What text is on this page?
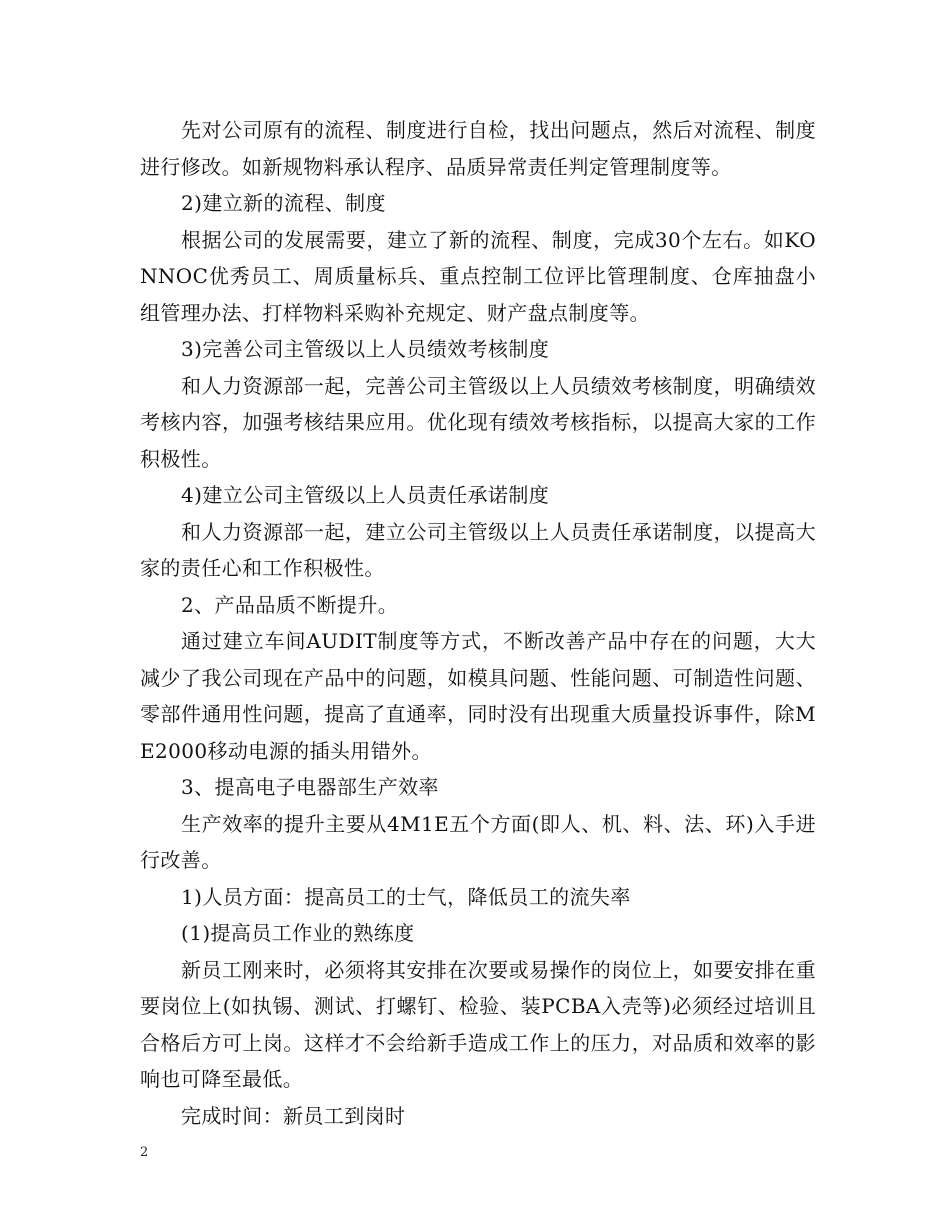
先对公司原有的流程、制度进行自检，找出问题点，然后对流程、制度进行修改。如新规物料承认程序、品质异常责任判定管理制度等。

2)建立新的流程、制度

根据公司的发展需要，建立了新的流程、制度，完成30个左右。如KONNOC优秀员工、周质量标兵、重点控制工位评比管理制度、仓库抽盘小组管理办法、打样物料采购补充规定、财产盘点制度等。

3)完善公司主管级以上人员绩效考核制度

和人力资源部一起，完善公司主管级以上人员绩效考核制度，明确绩效考核内容，加强考核结果应用。优化现有绩效考核指标，以提高大家的工作积极性。

4)建立公司主管级以上人员责任承诺制度

和人力资源部一起，建立公司主管级以上人员责任承诺制度，以提高大家的责任心和工作积极性。

2、产品品质不断提升。

通过建立车间AUDIT制度等方式，不断改善产品中存在的问题，大大减少了我公司现在产品中的问题，如模具问题、性能问题、可制造性问题、零部件通用性问题，提高了直通率，同时没有出现重大质量投诉事件，除ME2000移动电源的插头用错外。

3、提高电子电器部生产效率

生产效率的提升主要从4M1E五个方面(即人、机、料、法、环)入手进行改善。

1)人员方面：提高员工的士气，降低员工的流失率

(1)提高员工作业的熟练度

新员工刚来时，必须将其安排在次要或易操作的岗位上，如要安排在重要岗位上(如执锡、测试、打螺钉、检验、装PCBA入壳等)必须经过培训且合格后方可上岗。这样才不会给新手造成工作上的压力，对品质和效率的影响也可降至最低。

完成时间：新员工到岗时

2
